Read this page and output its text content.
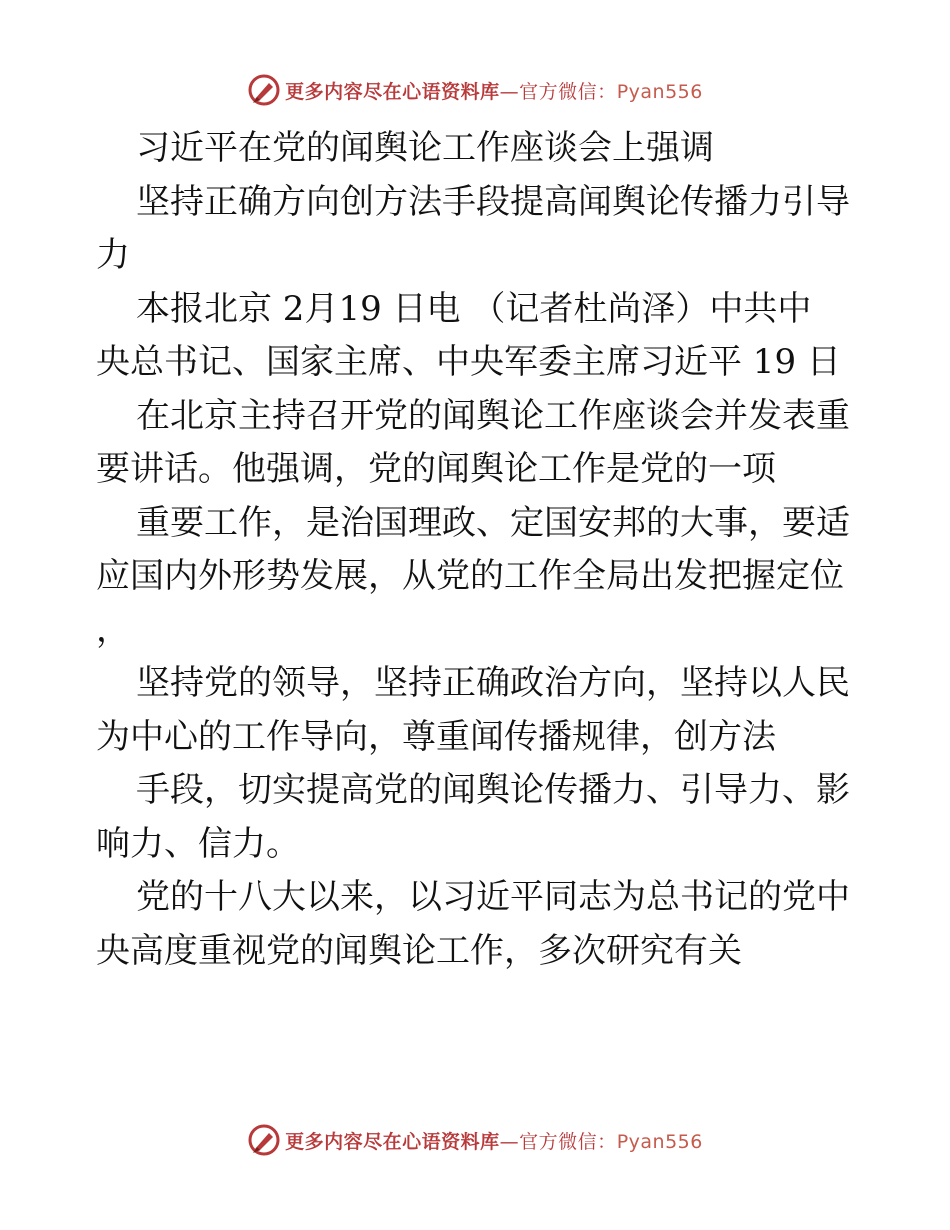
更多内容尽在心语资料库—官方微信：Pyan556
习近平在党的闻舆论工作座谈会上强调
坚持正确方向创方法手段提高闻舆论传播力引导
力
本报北京 2月19 日电 （记者杜尚泽）中共中
央总书记、国家主席、中央军委主席习近平 19 日
在北京主持召开党的闻舆论工作座谈会并发表重
要讲话。他强调，党的闻舆论工作是党的一项
重要工作，是治国理政、定国安邦的大事，要适
应国内外形势发展，从党的工作全局出发把握定位
，
坚持党的领导，坚持正确政治方向，坚持以人民
为中心的工作导向，尊重闻传播规律，创方法
手段，切实提高党的闻舆论传播力、引导力、影
响力、信力。
党的十八大以来，以习近平同志为总书记的党中
央高度重视党的闻舆论工作，多次研究有关
更多内容尽在心语资料库—官方微信：Pyan556
